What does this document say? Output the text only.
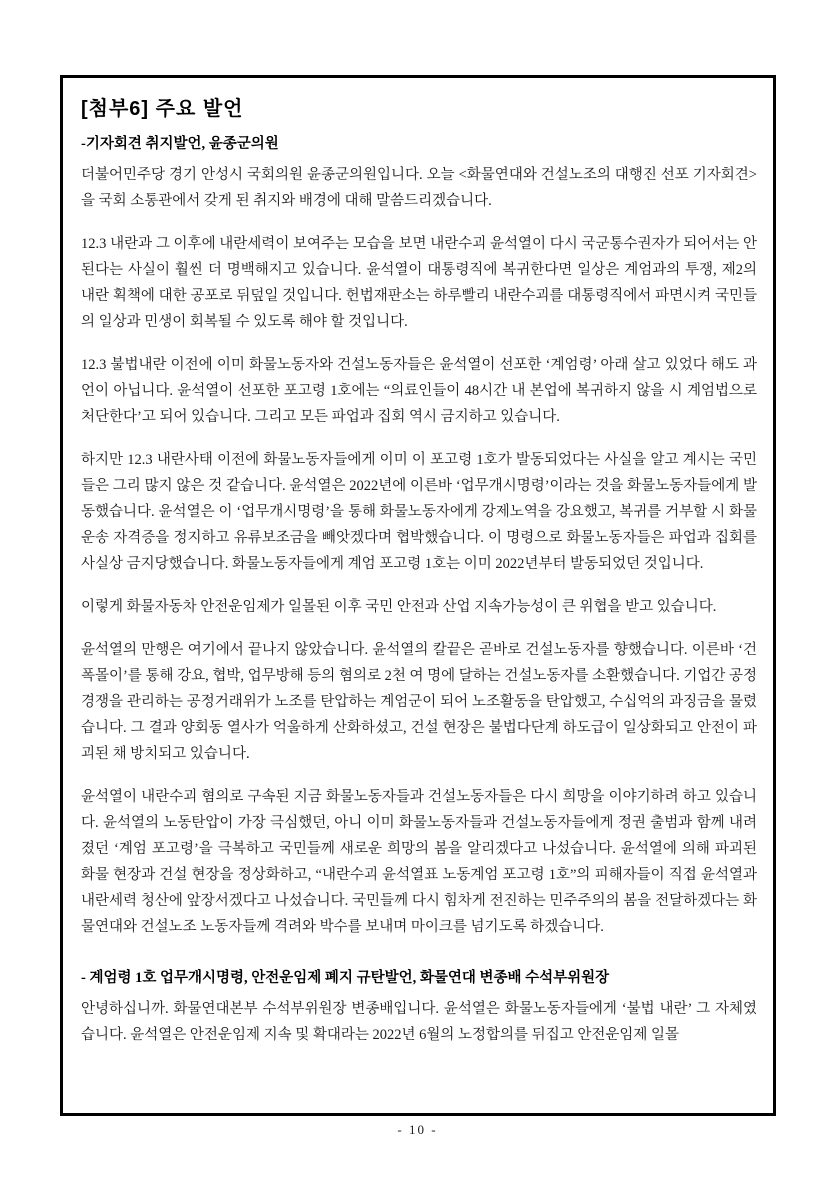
[첨부6] 주요 발언
-기자회견 취지발언, 윤종군의원

더불어민주당 경기 안성시 국회의원 윤종군의원입니다. 오늘 <화물연대와 건설노조의 대행진 선포 기자회견>을 국회 소통관에서 갖게 된 취지와 배경에 대해 말씀드리겠습니다.

12.3 내란과 그 이후에 내란세력이 보여주는 모습을 보면 내란수괴 윤석열이 다시 국군통수권자가 되어서는 안 된다는 사실이 훨씬 더 명백해지고 있습니다. 윤석열이 대통령직에 복귀한다면 일상은 계엄과의 투쟁, 제2의 내란 획책에 대한 공포로 뒤덮일 것입니다. 헌법재판소는 하루빨리 내란수괴를 대통령직에서 파면시켜 국민들의 일상과 민생이 회복될 수 있도록 해야 할 것입니다.

12.3 불법내란 이전에 이미 화물노동자와 건설노동자들은 윤석열이 선포한 ‘계엄령’ 아래 살고 있었다 해도 과언이 아닙니다. 윤석열이 선포한 포고령 1호에는 “의료인들이 48시간 내 본업에 복귀하지 않을 시 계엄법으로 처단한다’고 되어 있습니다. 그리고 모든 파업과 집회 역시 금지하고 있습니다.

하지만 12.3 내란사태 이전에 화물노동자들에게 이미 이 포고령 1호가 발동되었다는 사실을 알고 계시는 국민들은 그리 많지 않은 것 같습니다. 윤석열은 2022년에 이른바 ‘업무개시명령’이라는 것을 화물노동자들에게 발동했습니다. 윤석열은 이 ‘업무개시명령’을 통해 화물노동자에게 강제노역을 강요했고, 복귀를 거부할 시 화물운송 자격증을 정지하고 유류보조금을 빼앗겠다며 협박했습니다. 이 명령으로 화물노동자들은 파업과 집회를 사실상 금지당했습니다. 화물노동자들에게 계엄 포고령 1호는 이미 2022년부터 발동되었던 것입니다.

이렇게 화물자동차 안전운임제가 일몰된 이후 국민 안전과 산업 지속가능성이 큰 위협을 받고 있습니다.

윤석열의 만행은 여기에서 끝나지 않았습니다. 윤석열의 칼끝은 곧바로 건설노동자를 향했습니다. 이른바 ‘건폭몰이’를 통해 강요, 협박, 업무방해 등의 혐의로 2천 여 명에 달하는 건설노동자를 소환했습니다. 기업간 공정 경쟁을 관리하는 공정거래위가 노조를 탄압하는 계엄군이 되어 노조활동을 탄압했고, 수십억의 과징금을 물렸습니다. 그 결과 양회동 열사가 억울하게 산화하셨고, 건설 현장은 불법다단계 하도급이 일상화되고 안전이 파괴된 채 방치되고 있습니다.

윤석열이 내란수괴 혐의로 구속된 지금 화물노동자들과 건설노동자들은 다시 희망을 이야기하려 하고 있습니다. 윤석열의 노동탄압이 가장 극심했던, 아니 이미 화물노동자들과 건설노동자들에게 정권 출범과 함께 내려졌던 ‘계엄 포고령’을 극복하고 국민들께 새로운 희망의 봄을 알리겠다고 나섰습니다. 윤석열에 의해 파괴된 화물 현장과 건설 현장을 정상화하고, “내란수괴 윤석열표 노동계엄 포고령 1호”의 피해자들이 직접 윤석열과 내란세력 청산에 앞장서겠다고 나섰습니다. 국민들께 다시 힘차게 전진하는 민주주의의 봄을 전달하겠다는 화물연대와 건설노조 노동자들께 격려와 박수를 보내며 마이크를 넘기도록 하겠습니다.

- 계엄령 1호 업무개시명령, 안전운임제 폐지 규탄발언, 화물연대 변종배 수석부위원장

안녕하십니까. 화물연대본부 수석부위원장 변종배입니다. 윤석열은 화물노동자들에게 ‘불법 내란’ 그 자체였습니다. 윤석열은 안전운임제 지속 및 확대라는 2022년 6월의 노정합의를 뒤집고 안전운임제 일몰

- 10 -
